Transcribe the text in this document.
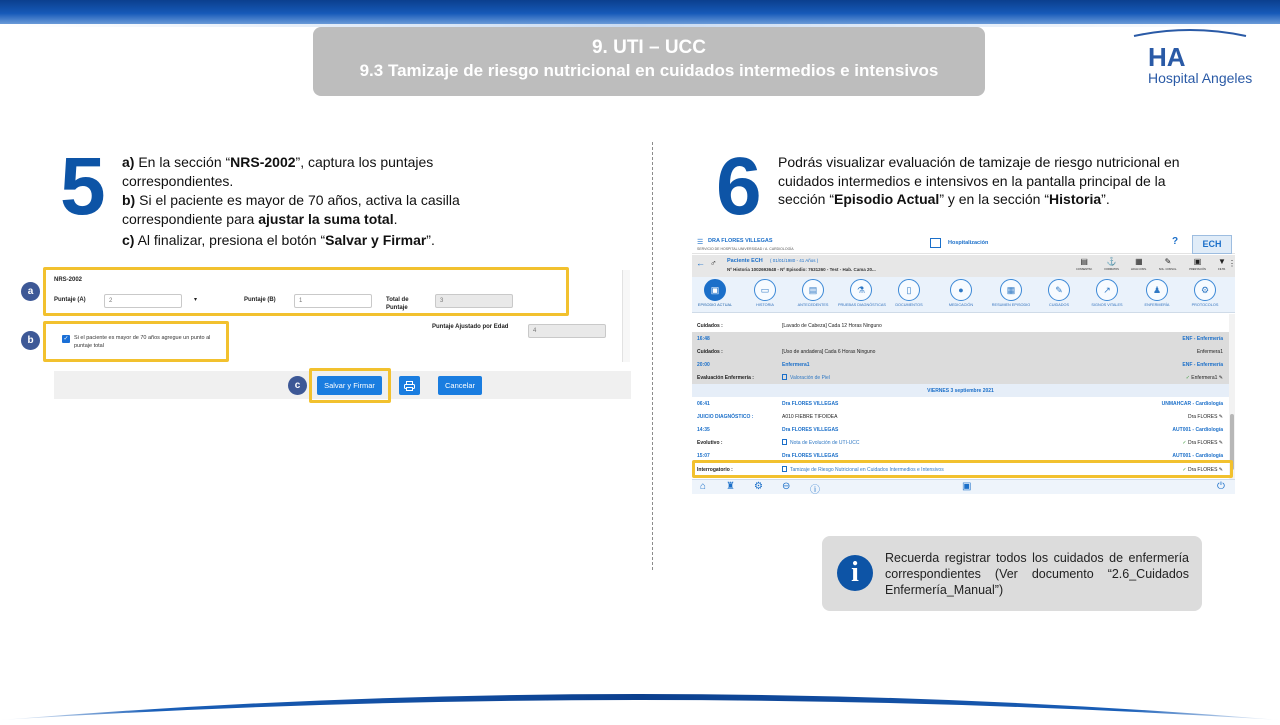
9. UTI – UCC
9.3 Tamizaje de riesgo nutricional en cuidados intermedios e intensivos	HA
Hospital Angeles
5 a) En la sección “NRS-2002”, captura los puntajes correspondientes.

b) Si el paciente es mayor de 70 años, activa la casilla correspondiente para ajustar la suma total.

c) Al finalizar, presiona el botón “Salvar y Firmar”.

NRS-2002
Puntaje (A)	2	▾	Puntaje (B)	1	Total de Puntaje
3
✓ Si el paciente es mayor de 70 años agregue un punto al puntaje total
Puntaje Ajustado por Edad
4
Salvar y Firmar	Cancelar
a
b
c
6 Podrás visualizar evaluación de tamizaje de riesgo nutricional en cuidados intermedios e intensivos en la pantalla principal de la sección “Episodio Actual” y en la sección “Historia”.
☰ DRA FLORES VILLEGAS
SERVICIO DE HOSPITAL UNIVERSIDAD / A. CARDIOLOGÍA
Hospitalización	?	ECH
← ♂ Paciente ECH ( 01/01/1980 - 41 Años )
Nº Historia 1002693648 - Nº Episodio: 7631260 - Test - Hab. Cama 20...
▤
CONSENTIM.
⚓
FORMATOS
▦
HOJA CONS.
✎
SOL. CONSUL.
▣
PRESTACIÓN
▼
FILTR.
⋮
▣
EPISODIO ACTUAL
▭
HISTORIA
▤
ANTECEDENTES
⚗
PRUEBAS DIAGNÓSTICAS
▯
DOCUMENTOS
●
MEDICACIÓN
▦
RESUMEN EPISODIO
✎
CUIDADOS
↗
SIGNOS VITALES
♟
ENFERMERÍA
⚙
PROTOCOLOS
Cuidados :	[Lavado de Cabeza] Cada 12 Horas Ninguno
16:48	ENF - Enfermería
Cuidados :	[Uso de andadera] Cada 6 Horas Ninguno	Enfermera1
20:00	Enfermera1	ENF - Enfermería
Evaluación Enfermería :	Valoración de Piel	✓ Enfermera1 ✎
VIERNES 3 septiembre 2021
06:41	Dra FLORES VILLEGAS	UNMAHCAR - Cardiología
JUICIO DIAGNÓSTICO :	A010 FIEBRE TIFOIDEA	Dra FLORES ✎
14:35	Dra FLORES VILLEGAS	AUT001 - Cardiología
Evolutivo :	Nota de Evolución de UTI-UCC	✓ Dra FLORES ✎
15:07	Dra FLORES VILLEGAS	AUT001 - Cardiología
Interrogatorio :	Tamizaje de Riesgo Nutricional en Cuidados Intermedios e Intensivos	✓ Dra FLORES ✎
⌂ ♜ ⚙ ⊖ ⓘ	▣	⏻
i	Recuerda registrar todos los cuidados de enfermería correspondientes (Ver documento “2.6_Cuidados Enfermería_Manual”)
